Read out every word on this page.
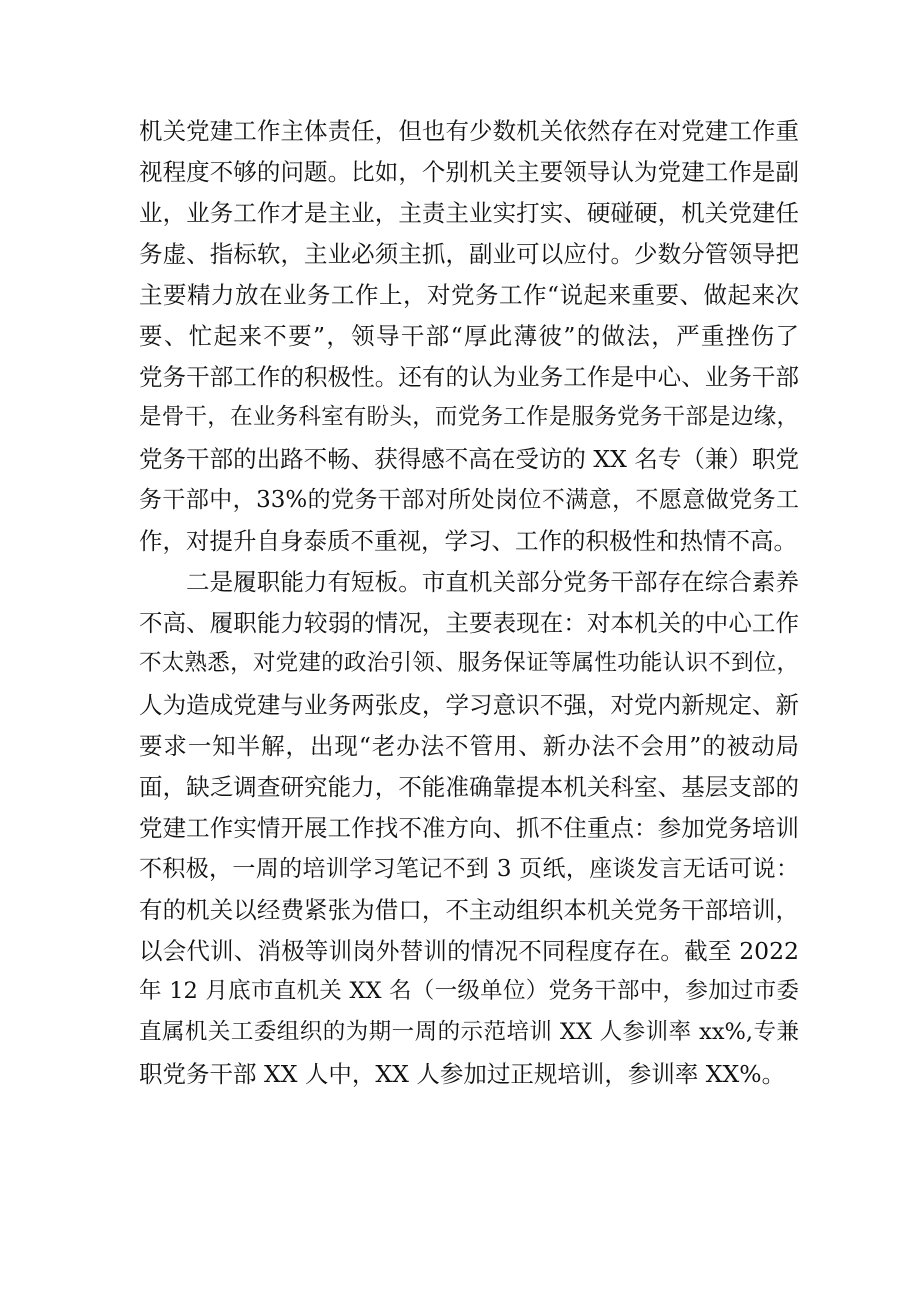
机关党建工作主体责任，但也有少数机关依然存在对党建工作重
视程度不够的问题。比如，个别机关主要领导认为党建工作是副
业，业务工作才是主业，主责主业实打实、硬碰硬，机关党建任
务虚、指标软，主业必须主抓，副业可以应付。少数分管领导把
主要精力放在业务工作上，对党务工作“说起来重要、做起来次
要、忙起来不要”，领导干部“厚此薄彼”的做法，严重挫伤了
党务干部工作的积极性。还有的认为业务工作是中心、业务干部
是骨干，在业务科室有盼头，而党务工作是服务党务干部是边缘，
党务干部的出路不畅、获得感不高在受访的 XX 名专（兼）职党
务干部中，33%的党务干部对所处岗位不满意，不愿意做党务工
作，对提升自身泰质不重视，学习、工作的积极性和热情不高。
二是履职能力有短板。市直机关部分党务干部存在综合素养
不高、履职能力较弱的情况，主要表现在：对本机关的中心工作
不太熟悉，对党建的政治引领、服务保证等属性功能认识不到位，
人为造成党建与业务两张皮，学习意识不强，对党内新规定、新
要求一知半解，出现“老办法不管用、新办法不会用”的被动局
面，缺乏调查研究能力，不能准确靠提本机关科室、基层支部的
党建工作实情开展工作找不准方向、抓不住重点：参加党务培训
不积极，一周的培训学习笔记不到 3 页纸，座谈发言无话可说：
有的机关以经费紧张为借口，不主动组织本机关党务干部培训，
以会代训、消极等训岗外替训的情况不同程度存在。截至 2022
年 12 月底市直机关 XX 名（一级单位）党务干部中，参加过市委
直属机关工委组织的为期一周的示范培训 XX 人参训率 xx%,专兼
职党务干部 XX 人中，XX 人参加过正规培训，参训率 XX%。
